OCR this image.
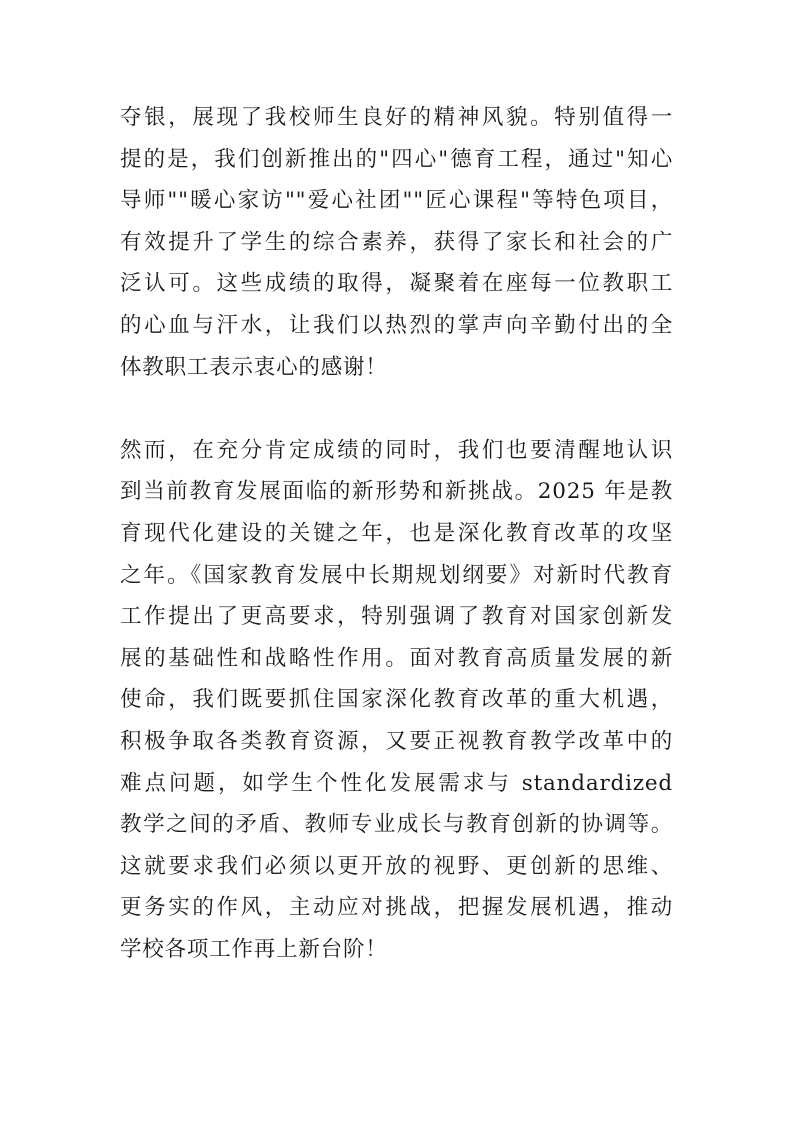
夺银，展现了我校师生良好的精神风貌。特别值得一
提的是，我们创新推出的"四心"德育工程，通过"知心
导师""暖心家访""爱心社团""匠心课程"等特色项目，
有效提升了学生的综合素养，获得了家长和社会的广
泛认可。这些成绩的取得，凝聚着在座每一位教职工
的心血与汗水，让我们以热烈的掌声向辛勤付出的全
体教职工表示衷心的感谢！

然而，在充分肯定成绩的同时，我们也要清醒地认识
到当前教育发展面临的新形势和新挑战。2025 年是教
育现代化建设的关键之年，也是深化教育改革的攻坚
之年。《国家教育发展中长期规划纲要》对新时代教育
工作提出了更高要求，特别强调了教育对国家创新发
展的基础性和战略性作用。面对教育高质量发展的新
使命，我们既要抓住国家深化教育改革的重大机遇，
积极争取各类教育资源，又要正视教育教学改革中的
难点问题，如学生个性化发展需求与 standardized
教学之间的矛盾、教师专业成长与教育创新的协调等。
这就要求我们必须以更开放的视野、更创新的思维、
更务实的作风，主动应对挑战，把握发展机遇，推动
学校各项工作再上新台阶！
